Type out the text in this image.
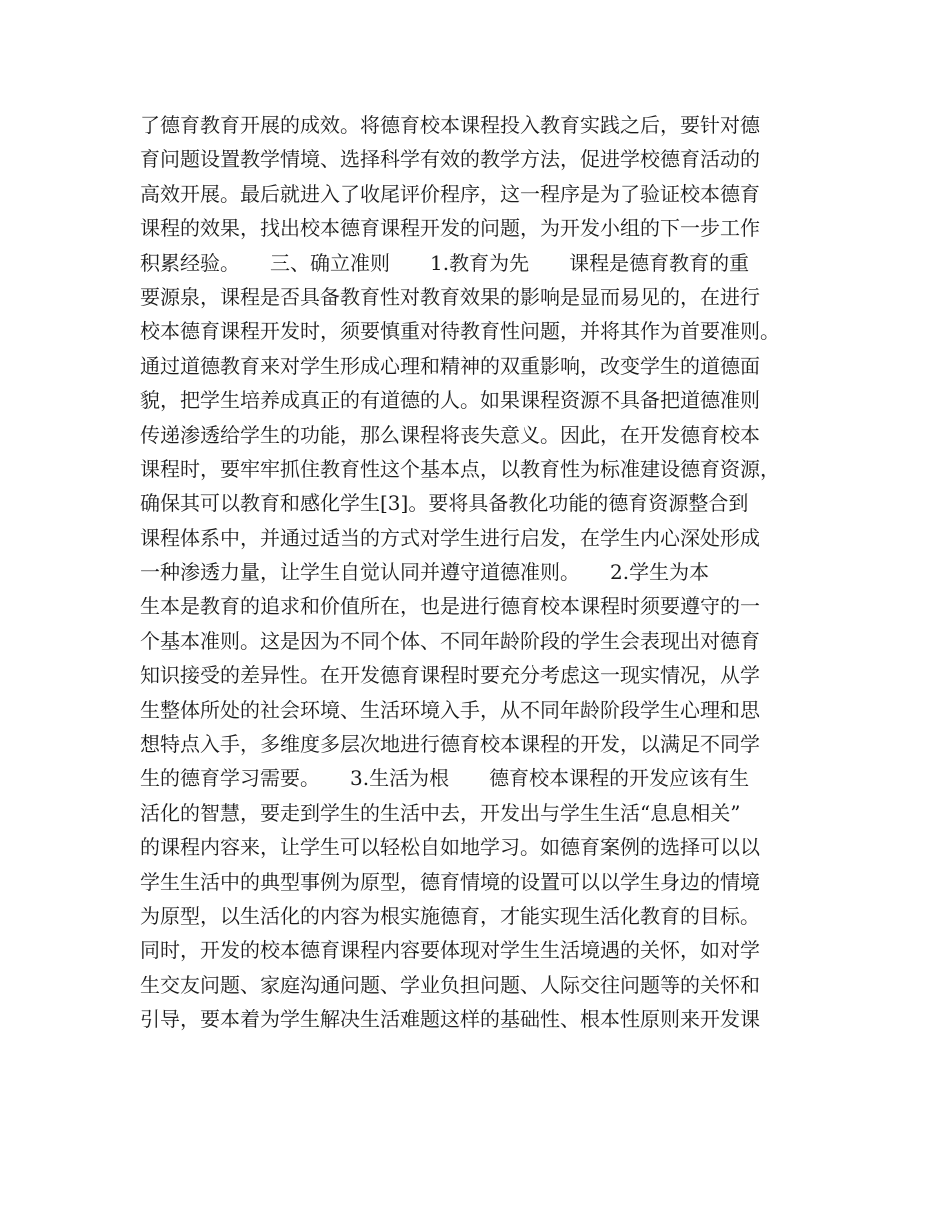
了德育教育开展的成效。将德育校本课程投入教育实践之后，要针对德
育问题设置教学情境、选择科学有效的教学方法，促进学校德育活动的
高效开展。最后就进入了收尾评价程序，这一程序是为了验证校本德育
课程的效果，找出校本德育课程开发的问题，为开发小组的下一步工作
积累经验。　　三、确立准则　　1.教育为先　　课程是德育教育的重
要源泉，课程是否具备教育性对教育效果的影响是显而易见的，在进行
校本德育课程开发时，须要慎重对待教育性问题，并将其作为首要准则。
通过道德教育来对学生形成心理和精神的双重影响，改变学生的道德面
貌，把学生培养成真正的有道德的人。如果课程资源不具备把道德准则
传递渗透给学生的功能，那么课程将丧失意义。因此，在开发德育校本
课程时，要牢牢抓住教育性这个基本点，以教育性为标准建设德育资源，
确保其可以教育和感化学生[3]。要将具备教化功能的德育资源整合到
课程体系中，并通过适当的方式对学生进行启发，在学生内心深处形成
一种渗透力量，让学生自觉认同并遵守道德准则。　　2.学生为本
生本是教育的追求和价值所在，也是进行德育校本课程时须要遵守的一
个基本准则。这是因为不同个体、不同年龄阶段的学生会表现出对德育
知识接受的差异性。在开发德育课程时要充分考虑这一现实情况，从学
生整体所处的社会环境、生活环境入手，从不同年龄阶段学生心理和思
想特点入手，多维度多层次地进行德育校本课程的开发，以满足不同学
生的德育学习需要。　　3.生活为根　　德育校本课程的开发应该有生
活化的智慧，要走到学生的生活中去，开发出与学生生活“息息相关”
的课程内容来，让学生可以轻松自如地学习。如德育案例的选择可以以
学生生活中的典型事例为原型，德育情境的设置可以以学生身边的情境
为原型，以生活化的内容为根实施德育，才能实现生活化教育的目标。
同时，开发的校本德育课程内容要体现对学生生活境遇的关怀，如对学
生交友问题、家庭沟通问题、学业负担问题、人际交往问题等的关怀和
引导，要本着为学生解决生活难题这样的基础性、根本性原则来开发课
